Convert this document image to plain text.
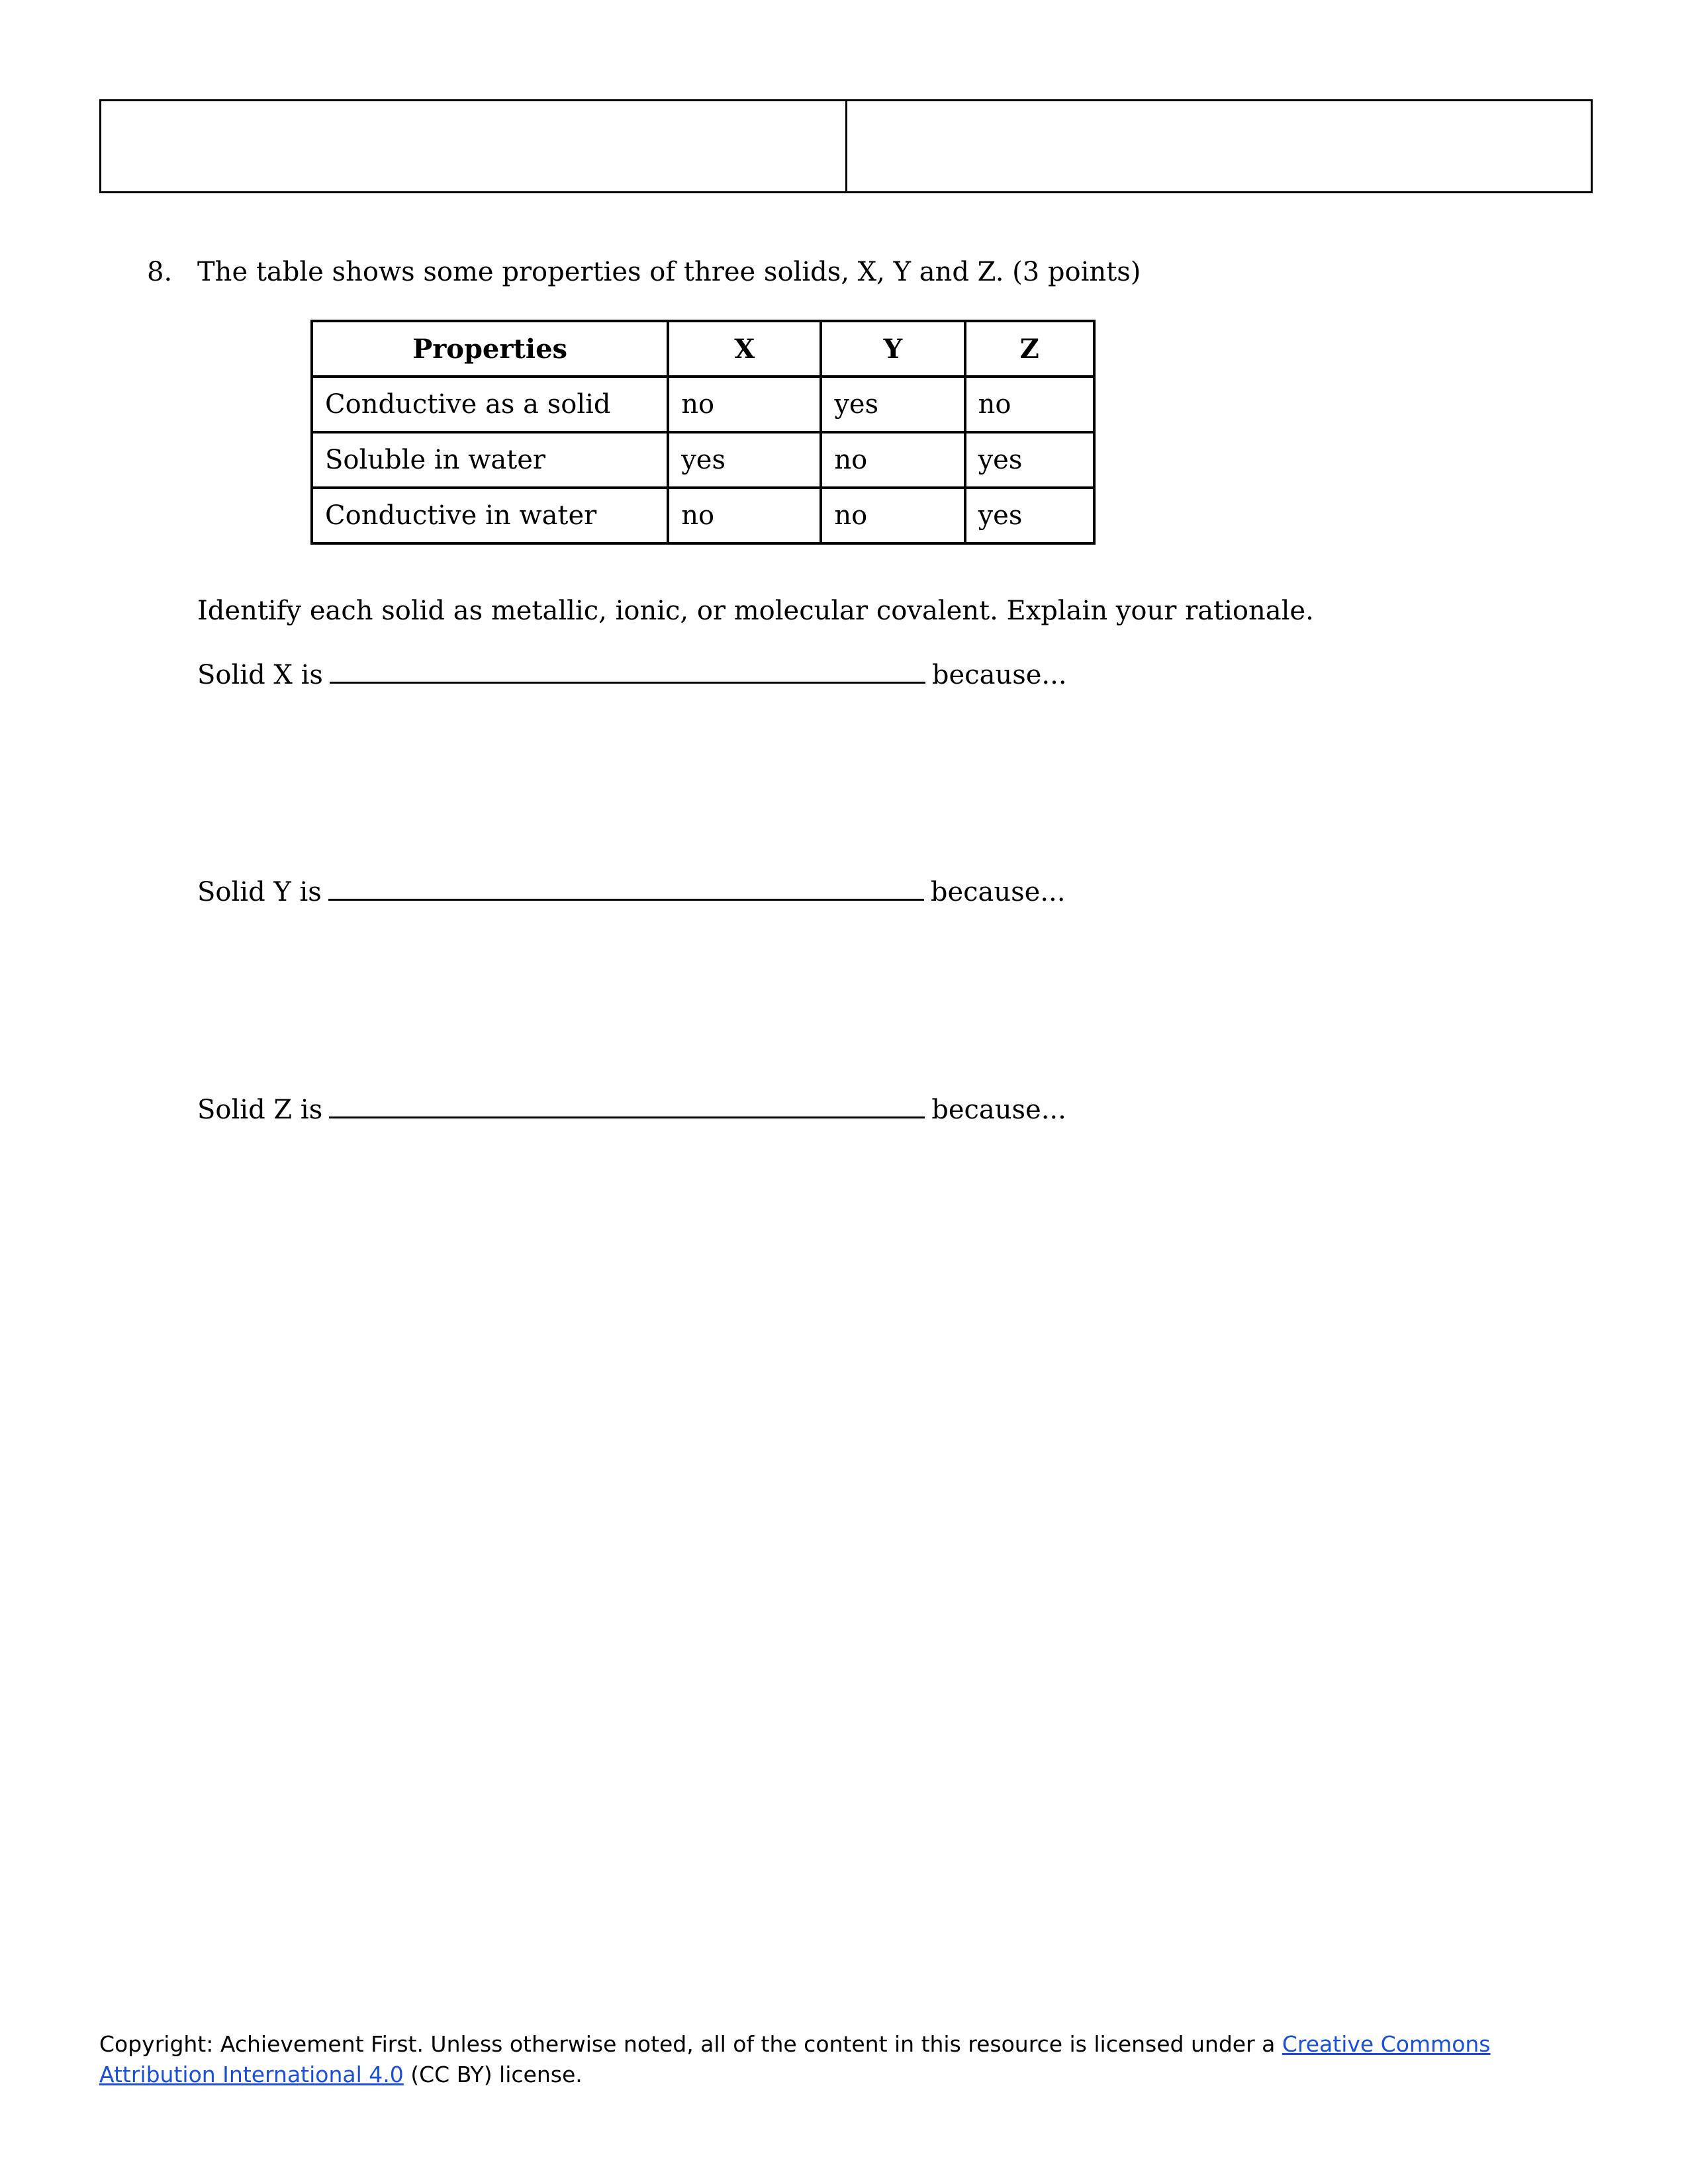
8. The table shows some properties of three solids, X, Y and Z. (3 points)
Properties	X	Y	Z
Conductive as a solid	no	yes	no
Soluble in water	yes	no	yes
Conductive in water	no	no	yes
Identify each solid as metallic, ionic, or molecular covalent. Explain your rationale.
Solid X is	because...
Solid Y is	because...
Solid Z is	because...
Copyright: Achievement First. Unless otherwise noted, all of the content in this resource is licensed under a Creative Commons Attribution International 4.0 (CC BY) license.
